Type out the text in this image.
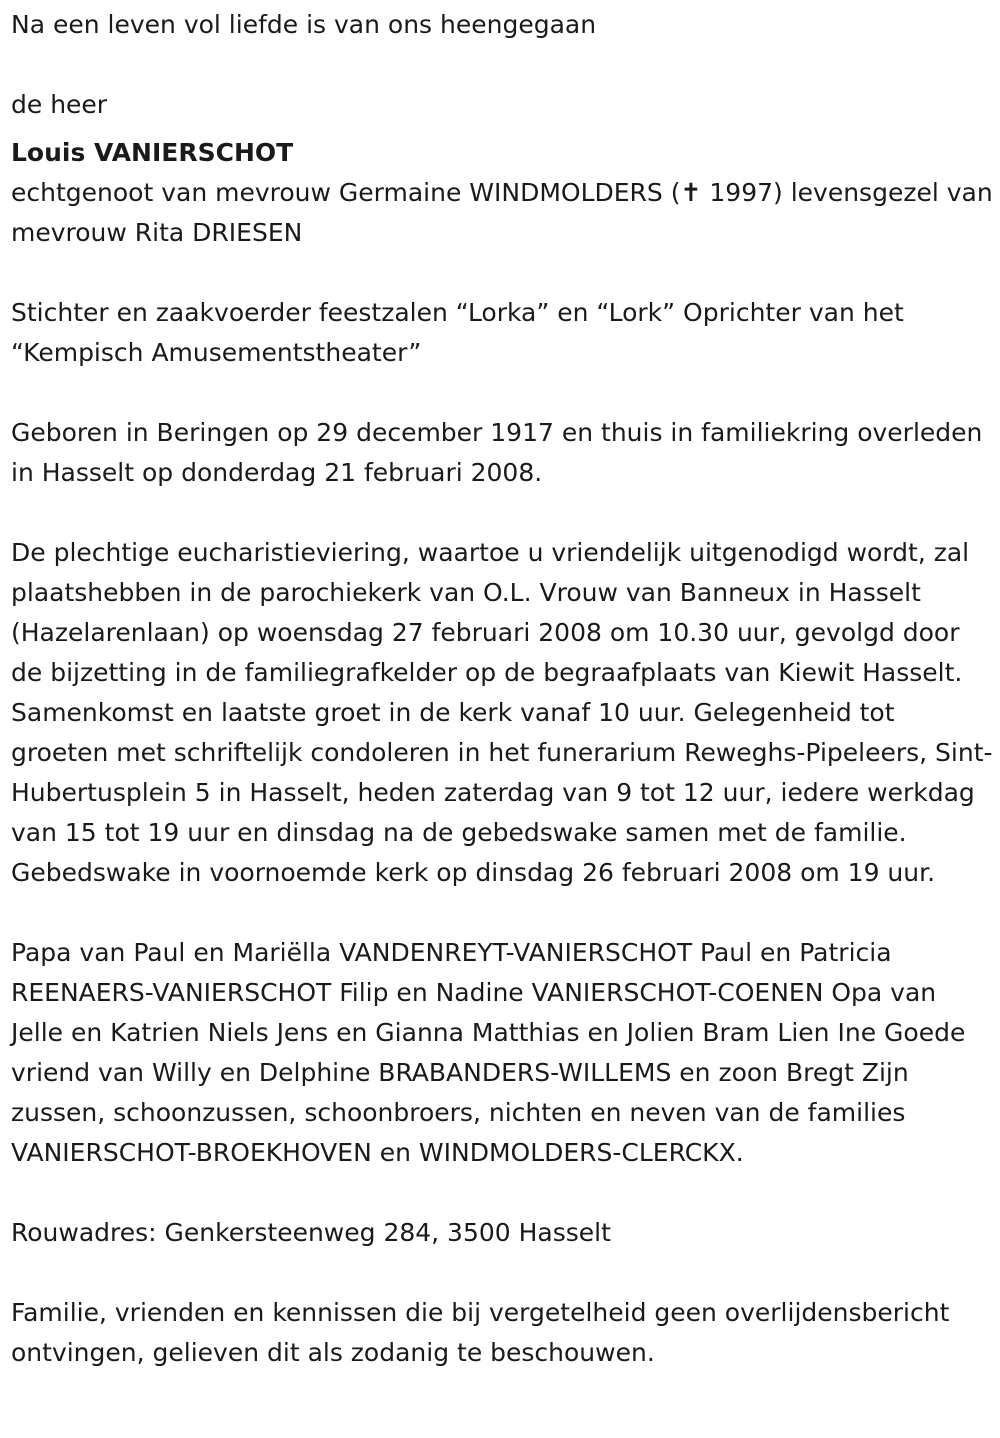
Na een leven vol liefde is van ons heengegaan

de heer

Louis VANIERSCHOT

echtgenoot van mevrouw Germaine WINDMOLDERS (✝ 1997) levensgezel van mevrouw Rita DRIESEN

Stichter en zaakvoerder feestzalen “Lorka” en “Lork” Oprichter van het “Kempisch Amusementstheater”

Geboren in Beringen op 29 december 1917 en thuis in familiekring overleden in Hasselt op donderdag 21 februari 2008.

De plechtige eucharistieviering, waartoe u vriendelijk uitgenodigd wordt, zal plaatshebben in de parochiekerk van O.L. Vrouw van Banneux in Hasselt (Hazelarenlaan) op woensdag 27 februari 2008 om 10.30 uur, gevolgd door de bijzetting in de familiegrafkelder op de begraafplaats van Kiewit Hasselt. Samenkomst en laatste groet in de kerk vanaf 10 uur. Gelegenheid tot groeten met schriftelijk condoleren in het funerarium Reweghs-Pipeleers, Sint-Hubertusplein 5 in Hasselt, heden zaterdag van 9 tot 12 uur, iedere werkdag van 15 tot 19 uur en dinsdag na de gebedswake samen met de familie. Gebedswake in voornoemde kerk op dinsdag 26 februari 2008 om 19 uur.

Papa van Paul en Mariëlla VANDENREYT-VANIERSCHOT Paul en Patricia REENAERS-VANIERSCHOT Filip en Nadine VANIERSCHOT-COENEN Opa van Jelle en Katrien Niels Jens en Gianna Matthias en Jolien Bram Lien Ine Goede vriend van Willy en Delphine BRABANDERS-WILLEMS en zoon Bregt Zijn zussen, schoonzussen, schoonbroers, nichten en neven van de families VANIERSCHOT-BROEKHOVEN en WINDMOLDERS-CLERCKX.

Rouwadres: Genkersteenweg 284, 3500 Hasselt

Familie, vrienden en kennissen die bij vergetelheid geen overlijdensbericht ontvingen, gelieven dit als zodanig te beschouwen.
